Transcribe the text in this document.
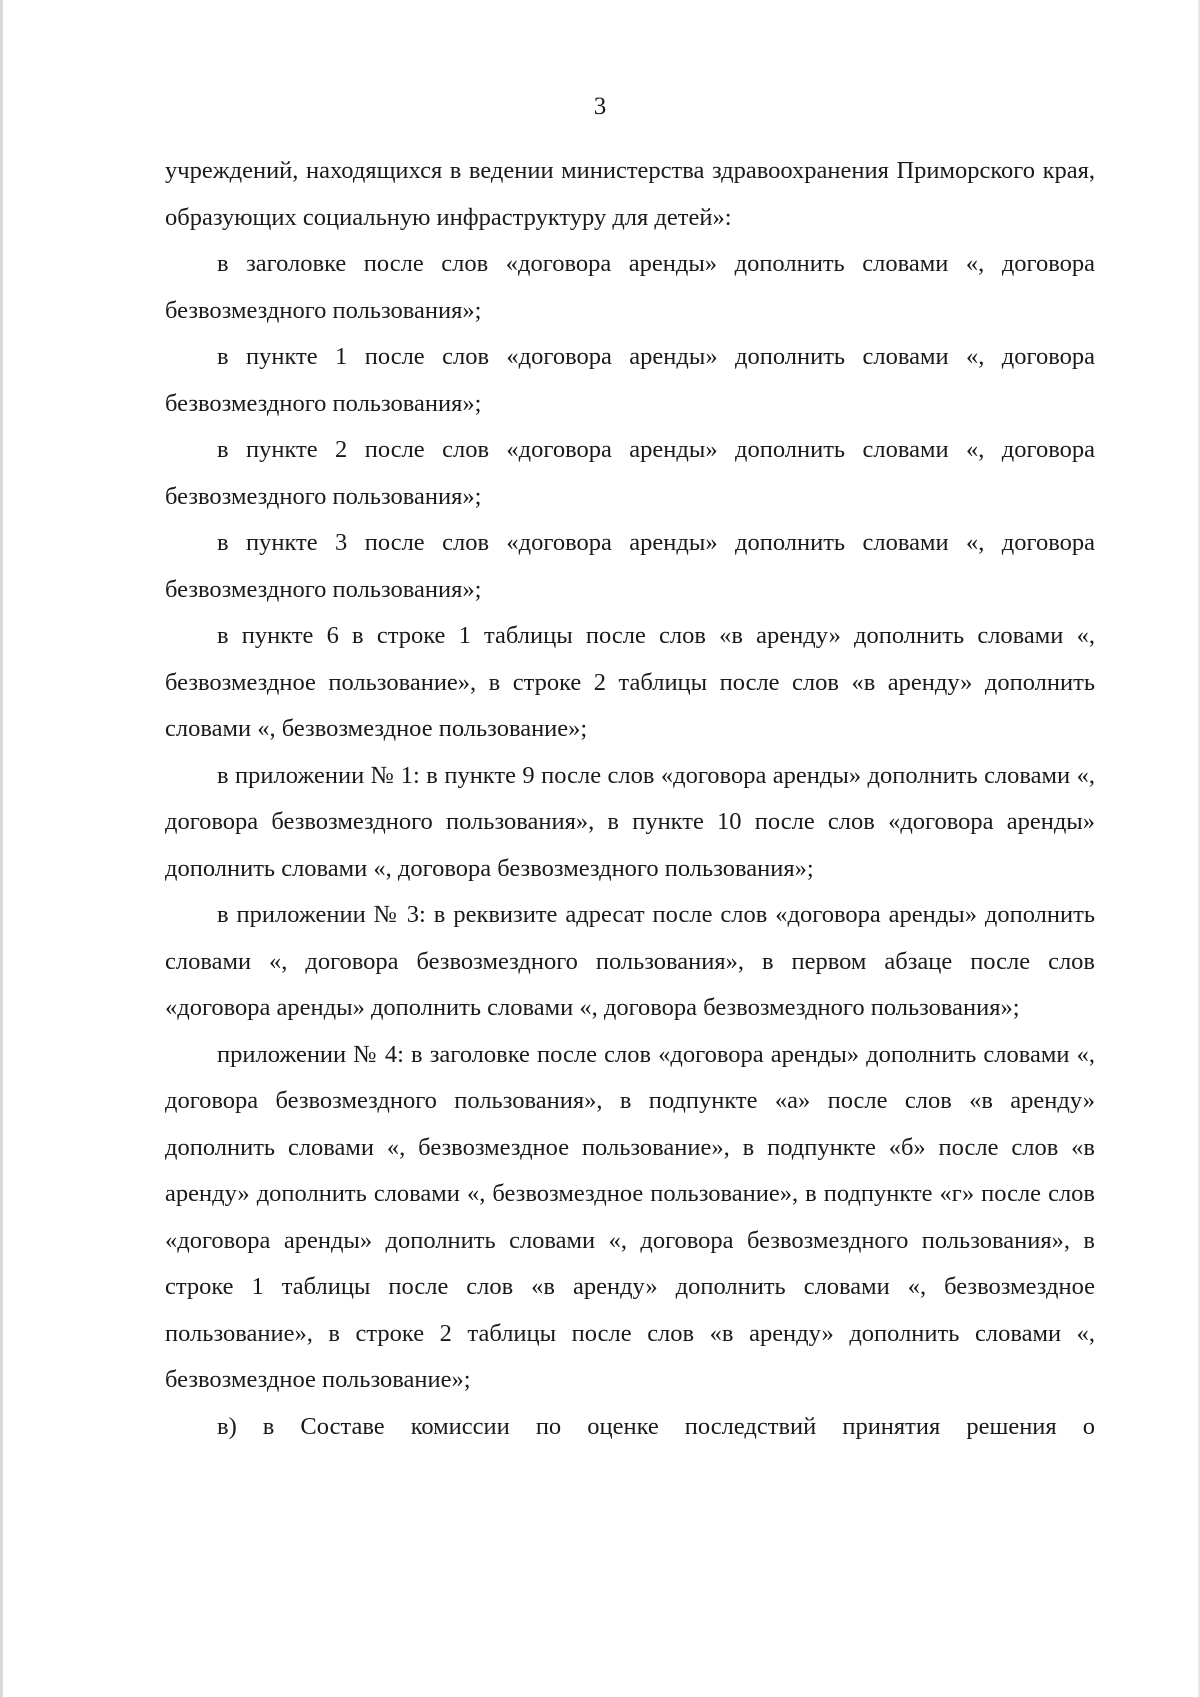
3

учреждений, находящихся в ведении министерства здравоохранения Приморского края, образующих социальную инфраструктуру для детей»:

в заголовке после слов «договора аренды» дополнить словами «, договора безвозмездного пользования»;

в пункте 1 после слов «договора аренды» дополнить словами «, договора безвозмездного пользования»;

в пункте 2 после слов «договора аренды» дополнить словами «, договора безвозмездного пользования»;

в пункте 3 после слов «договора аренды» дополнить словами «, договора безвозмездного пользования»;

в пункте 6 в строке 1 таблицы после слов «в аренду» дополнить словами «, безвозмездное пользование», в строке 2 таблицы после слов «в аренду» дополнить словами «, безвозмездное пользование»;

в приложении № 1: в пункте 9 после слов «договора аренды» дополнить словами «, договора безвозмездного пользования», в пункте 10 после слов «договора аренды» дополнить словами «, договора безвозмездного пользования»;

в приложении № 3: в реквизите адресат после слов «договора аренды» дополнить словами «, договора безвозмездного пользования», в первом абзаце после слов «договора аренды» дополнить словами «, договора безвозмездного пользования»;

приложении № 4: в заголовке после слов «договора аренды» дополнить словами «, договора безвозмездного пользования», в подпункте «а» после слов «в аренду» дополнить словами «, безвозмездное пользование», в подпункте «б» после слов «в аренду» дополнить словами «, безвозмездное пользование», в подпункте «г» после слов «договора аренды» дополнить словами «, договора безвозмездного пользования», в строке 1 таблицы после слов «в аренду» дополнить словами «, безвозмездное пользование», в строке 2 таблицы после слов «в аренду» дополнить словами «, безвозмездное пользование»;

в) в Составе комиссии по оценке последствий принятия решения о
